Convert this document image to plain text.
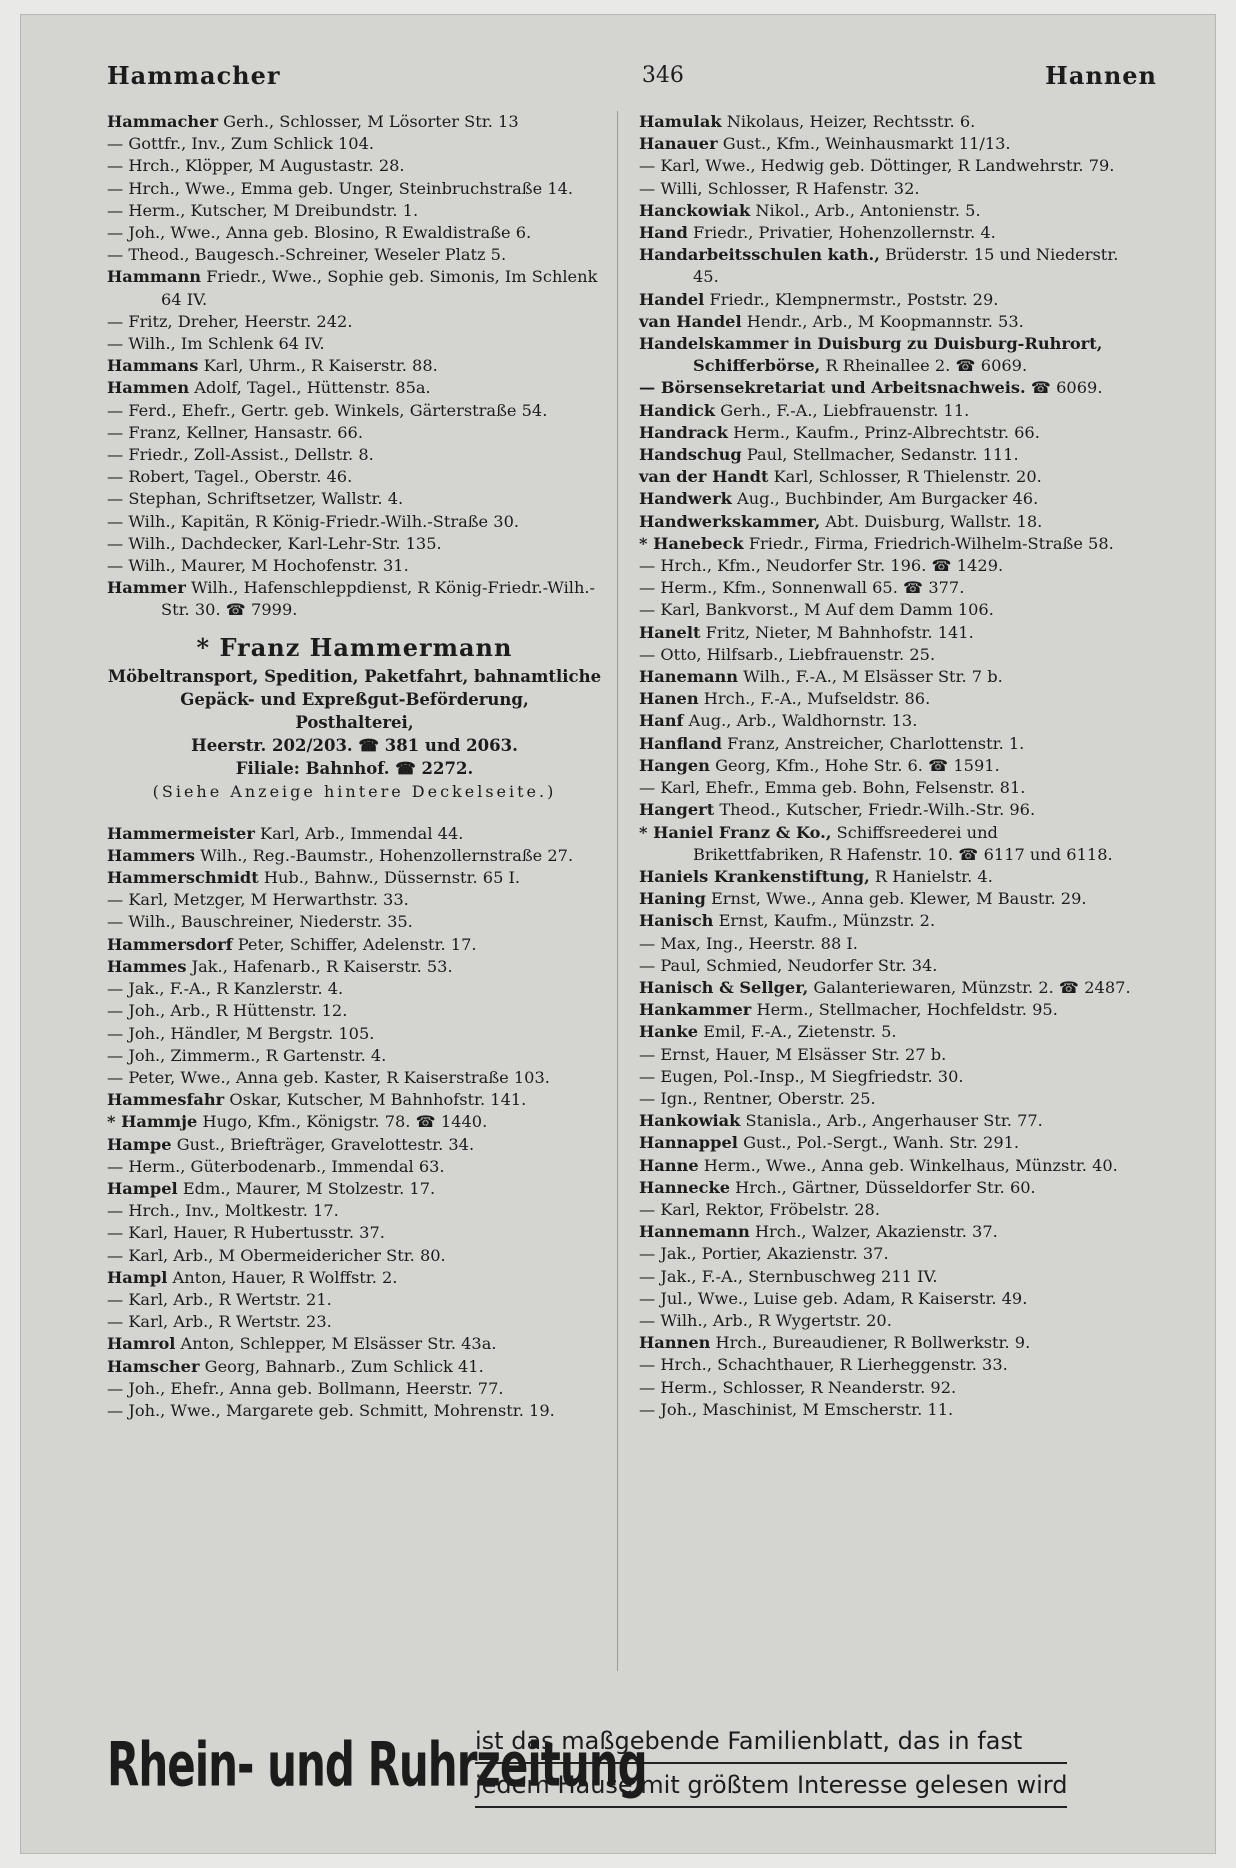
Hammacher	346	Hannen
Hammacher Gerh., Schlosser, M Lösorter Str. 13
— Gottfr., Inv., Zum Schlick 104.
— Hrch., Klöpper, M Augustastr. 28.
— Hrch., Wwe., Emma geb. Unger, Steinbruchstraße 14.
— Herm., Kutscher, M Dreibundstr. 1.
— Joh., Wwe., Anna geb. Blosino, R Ewaldistraße 6.
— Theod., Baugesch.-Schreiner, Weseler Platz 5.
Hammann Friedr., Wwe., Sophie geb. Simonis, Im Schlenk 64 IV.
— Fritz, Dreher, Heerstr. 242.
— Wilh., Im Schlenk 64 IV.
Hammans Karl, Uhrm., R Kaiserstr. 88.
Hammen Adolf, Tagel., Hüttenstr. 85a.
— Ferd., Ehefr., Gertr. geb. Winkels, Gärterstraße 54.
— Franz, Kellner, Hansastr. 66.
— Friedr., Zoll-Assist., Dellstr. 8.
— Robert, Tagel., Oberstr. 46.
— Stephan, Schriftsetzer, Wallstr. 4.
— Wilh., Kapitän, R König-Friedr.-Wilh.-Straße 30.
— Wilh., Dachdecker, Karl-Lehr-Str. 135.
— Wilh., Maurer, M Hochofenstr. 31.
Hammer Wilh., Hafenschleppdienst, R König-Friedr.-Wilh.-Str. 30. ☎ 7999.
* Franz Hammermann
Möbeltransport, Spedition, Paketfahrt, bahnamtliche Gepäck- und Expreßgut-Beförderung,
Posthalterei,
Heerstr. 202/203. ☎ 381 und 2063.
Filiale: Bahnhof. ☎ 2272.
(Siehe Anzeige hintere Deckelseite.)
Hammermeister Karl, Arb., Immendal 44.
Hammers Wilh., Reg.-Baumstr., Hohenzollernstraße 27.
Hammerschmidt Hub., Bahnw., Düssernstr. 65 I.
— Karl, Metzger, M Herwarthstr. 33.
— Wilh., Bauschreiner, Niederstr. 35.
Hammersdorf Peter, Schiffer, Adelenstr. 17.
Hammes Jak., Hafenarb., R Kaiserstr. 53.
— Jak., F.-A., R Kanzlerstr. 4.
— Joh., Arb., R Hüttenstr. 12.
— Joh., Händler, M Bergstr. 105.
— Joh., Zimmerm., R Gartenstr. 4.
— Peter, Wwe., Anna geb. Kaster, R Kaiserstraße 103.
Hammesfahr Oskar, Kutscher, M Bahnhofstr. 141.
* Hammje Hugo, Kfm., Königstr. 78. ☎ 1440.
Hampe Gust., Briefträger, Gravelottestr. 34.
— Herm., Güterbodenarb., Immendal 63.
Hampel Edm., Maurer, M Stolzestr. 17.
— Hrch., Inv., Moltkestr. 17.
— Karl, Hauer, R Hubertusstr. 37.
— Karl, Arb., M Obermeidericher Str. 80.
Hampl Anton, Hauer, R Wolffstr. 2.
— Karl, Arb., R Wertstr. 21.
— Karl, Arb., R Wertstr. 23.
Hamrol Anton, Schlepper, M Elsässer Str. 43a.
Hamscher Georg, Bahnarb., Zum Schlick 41.
— Joh., Ehefr., Anna geb. Bollmann, Heerstr. 77.
— Joh., Wwe., Margarete geb. Schmitt, Mohrenstr. 19.
Hamulak Nikolaus, Heizer, Rechtsstr. 6.
Hanauer Gust., Kfm., Weinhausmarkt 11/13.
— Karl, Wwe., Hedwig geb. Döttinger, R Landwehrstr. 79.
— Willi, Schlosser, R Hafenstr. 32.
Hanckowiak Nikol., Arb., Antonienstr. 5.
Hand Friedr., Privatier, Hohenzollernstr. 4.
Handarbeitsschulen kath., Brüderstr. 15 und Niederstr. 45.
Handel Friedr., Klempnermstr., Poststr. 29.
van Handel Hendr., Arb., M Koopmannstr. 53.
Handelskammer in Duisburg zu Duisburg-Ruhrort, Schifferbörse, R Rheinallee 2. ☎ 6069.
— Börsensekretariat und Arbeitsnachweis. ☎ 6069.
Handick Gerh., F.-A., Liebfrauenstr. 11.
Handrack Herm., Kaufm., Prinz-Albrechtstr. 66.
Handschug Paul, Stellmacher, Sedanstr. 111.
van der Handt Karl, Schlosser, R Thielenstr. 20.
Handwerk Aug., Buchbinder, Am Burgacker 46.
Handwerkskammer, Abt. Duisburg, Wallstr. 18.
* Hanebeck Friedr., Firma, Friedrich-Wilhelm-Straße 58.
— Hrch., Kfm., Neudorfer Str. 196. ☎ 1429.
— Herm., Kfm., Sonnenwall 65. ☎ 377.
— Karl, Bankvorst., M Auf dem Damm 106.
Hanelt Fritz, Nieter, M Bahnhofstr. 141.
— Otto, Hilfsarb., Liebfrauenstr. 25.
Hanemann Wilh., F.-A., M Elsässer Str. 7 b.
Hanen Hrch., F.-A., Mufseldstr. 86.
Hanf Aug., Arb., Waldhornstr. 13.
Hanfland Franz, Anstreicher, Charlottenstr. 1.
Hangen Georg, Kfm., Hohe Str. 6. ☎ 1591.
— Karl, Ehefr., Emma geb. Bohn, Felsenstr. 81.
Hangert Theod., Kutscher, Friedr.-Wilh.-Str. 96.
* Haniel Franz & Ko., Schiffsreederei und Brikettfabriken, R Hafenstr. 10. ☎ 6117 und 6118.
Haniels Krankenstiftung, R Hanielstr. 4.
Haning Ernst, Wwe., Anna geb. Klewer, M Baustr. 29.
Hanisch Ernst, Kaufm., Münzstr. 2.
— Max, Ing., Heerstr. 88 I.
— Paul, Schmied, Neudorfer Str. 34.
Hanisch & Sellger, Galanteriewaren, Münzstr. 2. ☎ 2487.
Hankammer Herm., Stellmacher, Hochfeldstr. 95.
Hanke Emil, F.-A., Zietenstr. 5.
— Ernst, Hauer, M Elsässer Str. 27 b.
— Eugen, Pol.-Insp., M Siegfriedstr. 30.
— Ign., Rentner, Oberstr. 25.
Hankowiak Stanisla., Arb., Angerhauser Str. 77.
Hannappel Gust., Pol.-Sergt., Wanh. Str. 291.
Hanne Herm., Wwe., Anna geb. Winkelhaus, Münzstr. 40.
Hannecke Hrch., Gärtner, Düsseldorfer Str. 60.
— Karl, Rektor, Fröbelstr. 28.
Hannemann Hrch., Walzer, Akazienstr. 37.
— Jak., Portier, Akazienstr. 37.
— Jak., F.-A., Sternbuschweg 211 IV.
— Jul., Wwe., Luise geb. Adam, R Kaiserstr. 49.
— Wilh., Arb., R Wygertstr. 20.
Hannen Hrch., Bureaudiener, R Bollwerkstr. 9.
— Hrch., Schachthauer, R Lierheggenstr. 33.
— Herm., Schlosser, R Neanderstr. 92.
— Joh., Maschinist, M Emscherstr. 11.
Rhein- und Ruhrzeitung
ist das maßgebende Familienblatt, das in fast
jedem Hause mit größtem Interesse gelesen wird
